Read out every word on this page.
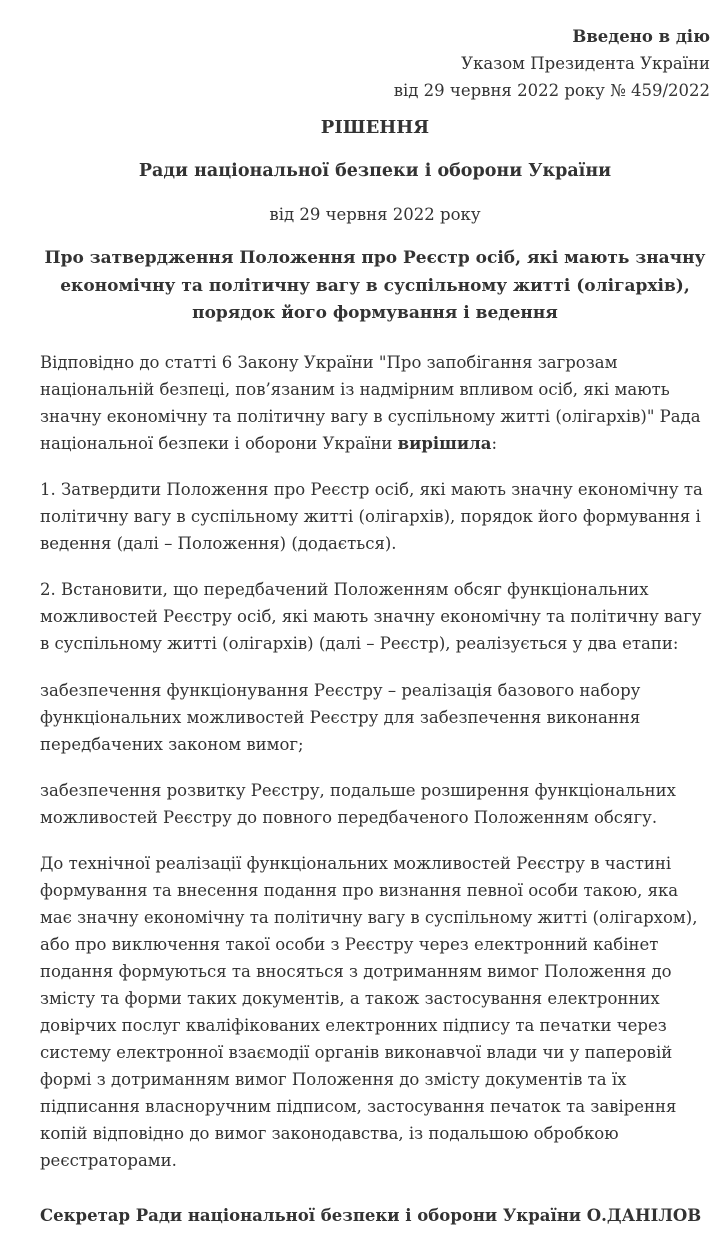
Введено в дію
Указом Президента України
від 29 червня 2022 року № 459/2022
РІШЕННЯ
Ради національної безпеки і оборони України
від 29 червня 2022 року
Про затвердження Положення про Реєстр осіб, які мають значну економічну та політичну вагу в суспільному житті (олігархів), порядок його формування і ведення

Відповідно до статті 6 Закону України "Про запобігання загрозам національній безпеці, пов’язаним із надмірним впливом осіб, які мають значну економічну та політичну вагу в суспільному житті (олігархів)" Рада національної безпеки і оборони України вирішила:

1. Затвердити Положення про Реєстр осіб, які мають значну економічну та політичну вагу в суспільному житті (олігархів), порядок його формування і ведення (далі – Положення) (додається).

2. Встановити, що передбачений Положенням обсяг функціональних можливостей Реєстру осіб, які мають значну економічну та політичну вагу в суспільному житті (олігархів) (далі – Реєстр), реалізується у два етапи:

забезпечення функціонування Реєстру – реалізація базового набору функціональних можливостей Реєстру для забезпечення виконання передбачених законом вимог;

забезпечення розвитку Реєстру, подальше розширення функціональних можливостей Реєстру до повного передбаченого Положенням обсягу.

До технічної реалізації функціональних можливостей Реєстру в частині формування та внесення подання про визнання певної особи такою, яка має значну економічну та політичну вагу в суспільному житті (олігархом), або про виключення такої особи з Реєстру через електронний кабінет подання формуються та вносяться з дотриманням вимог Положення до змісту та форми таких документів, а також застосування електронних довірчих послуг кваліфікованих електронних підпису та печатки через систему електронної взаємодії органів виконавчої влади чи у паперовій формі з дотриманням вимог Положення до змісту документів та їх підписання власноручним підписом, застосування печаток та завірення копій відповідно до вимог законодавства, із подальшою обробкою реєстраторами.

Секретар Ради національної безпеки і оборони України О.ДАНІЛОВ
